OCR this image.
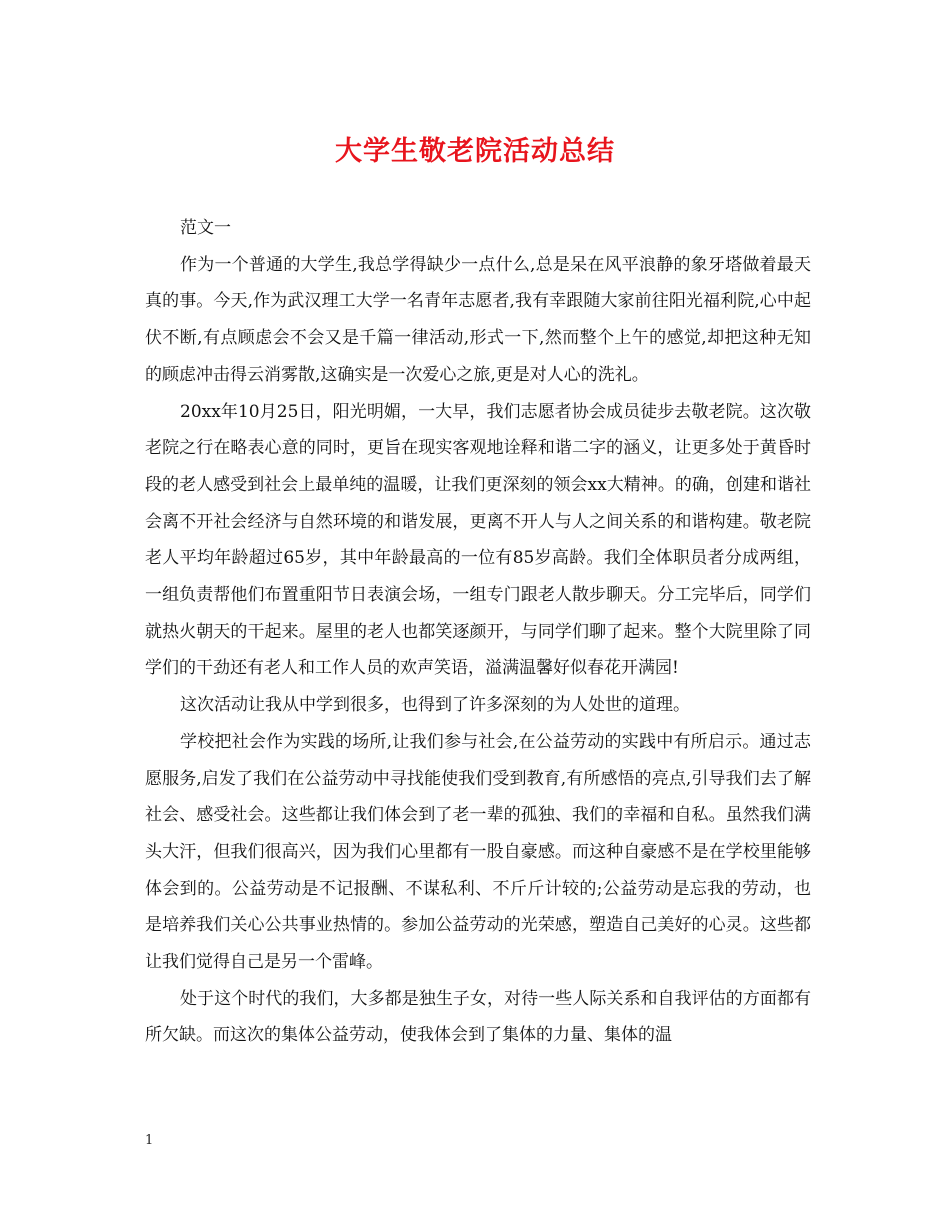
大学生敬老院活动总结

范文一

作为一个普通的大学生,我总学得缺少一点什么,总是呆在风平浪静的象牙塔做着最天真的事。今天,作为武汉理工大学一名青年志愿者,我有幸跟随大家前往阳光福利院,心中起伏不断,有点顾虑会不会又是千篇一律活动,形式一下,然而整个上午的感觉,却把这种无知的顾虑冲击得云消雾散,这确实是一次爱心之旅,更是对人心的洗礼。

20xx年10月25日，阳光明媚，一大早，我们志愿者协会成员徒步去敬老院。这次敬老院之行在略表心意的同时，更旨在现实客观地诠释和谐二字的涵义，让更多处于黄昏时段的老人感受到社会上最单纯的温暖，让我们更深刻的领会xx大精神。的确，创建和谐社会离不开社会经济与自然环境的和谐发展，更离不开人与人之间关系的和谐构建。敬老院老人平均年龄超过65岁，其中年龄最高的一位有85岁高龄。我们全体职员者分成两组，一组负责帮他们布置重阳节日表演会场，一组专门跟老人散步聊天。分工完毕后，同学们就热火朝天的干起来。屋里的老人也都笑逐颜开，与同学们聊了起来。整个大院里除了同学们的干劲还有老人和工作人员的欢声笑语，溢满温馨好似春花开满园!

这次活动让我从中学到很多，也得到了许多深刻的为人处世的道理。

学校把社会作为实践的场所,让我们参与社会,在公益劳动的实践中有所启示。通过志愿服务,启发了我们在公益劳动中寻找能使我们受到教育,有所感悟的亮点,引导我们去了解社会、感受社会。这些都让我们体会到了老一辈的孤独、我们的幸福和自私。虽然我们满头大汗，但我们很高兴，因为我们心里都有一股自豪感。而这种自豪感不是在学校里能够体会到的。公益劳动是不记报酬、不谋私利、不斤斤计较的;公益劳动是忘我的劳动，也是培养我们关心公共事业热情的。参加公益劳动的光荣感，塑造自己美好的心灵。这些都让我们觉得自己是另一个雷峰。

处于这个时代的我们，大多都是独生子女，对待一些人际关系和自我评估的方面都有所欠缺。而这次的集体公益劳动，使我体会到了集体的力量、集体的温

1
